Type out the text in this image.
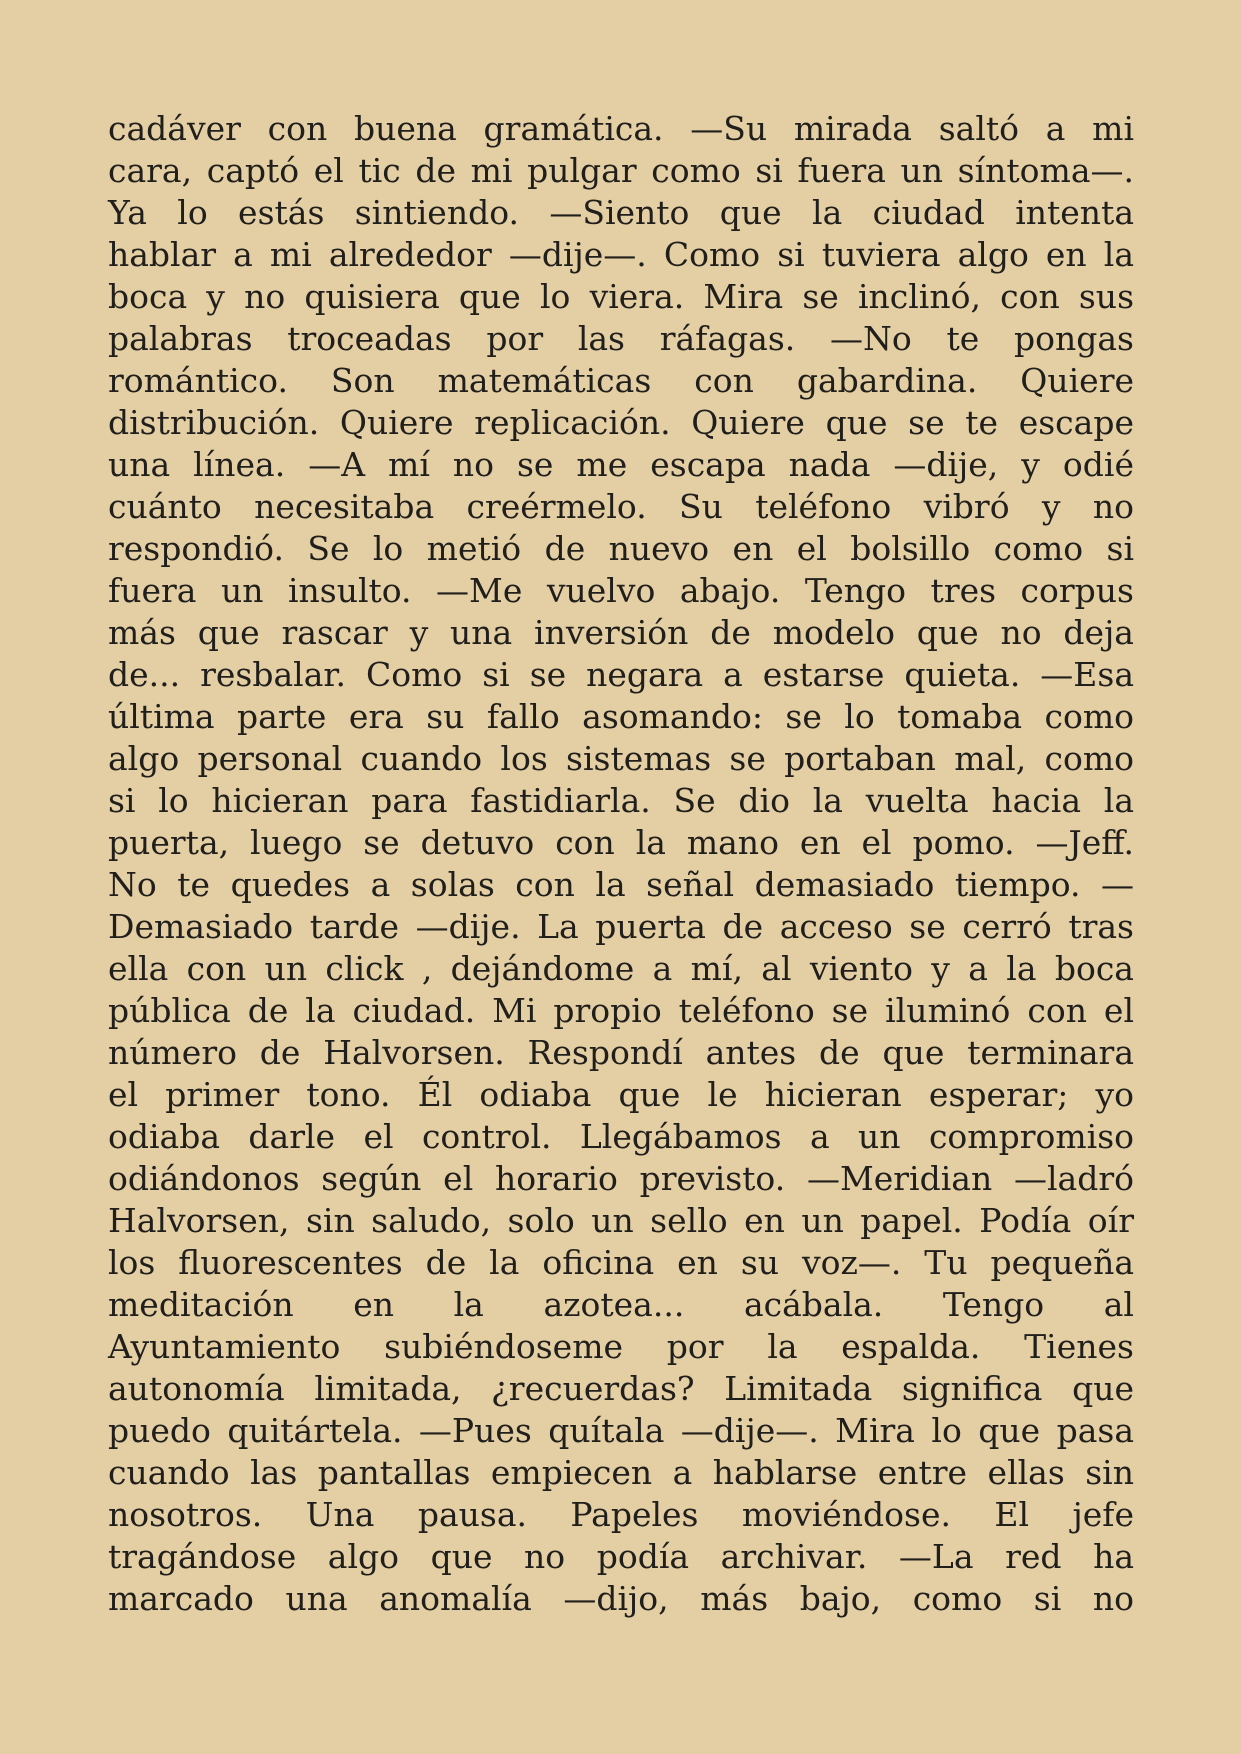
cadáver con buena gramática. —Su mirada saltó a mi
cara, captó el tic de mi pulgar como si fuera un síntoma—.
Ya lo estás sintiendo. —Siento que la ciudad intenta
hablar a mi alrededor —dije—. Como si tuviera algo en la
boca y no quisiera que lo viera. Mira se inclinó, con sus
palabras troceadas por las ráfagas. —No te pongas
romántico. Son matemáticas con gabardina. Quiere
distribución. Quiere replicación. Quiere que se te escape
una línea. —A mí no se me escapa nada —dije, y odié
cuánto necesitaba creérmelo. Su teléfono vibró y no
respondió. Se lo metió de nuevo en el bolsillo como si
fuera un insulto. —Me vuelvo abajo. Tengo tres corpus
más que rascar y una inversión de modelo que no deja
de... resbalar. Como si se negara a estarse quieta. —Esa
última parte era su fallo asomando: se lo tomaba como
algo personal cuando los sistemas se portaban mal, como
si lo hicieran para fastidiarla. Se dio la vuelta hacia la
puerta, luego se detuvo con la mano en el pomo. —Jeff.
No te quedes a solas con la señal demasiado tiempo. —
Demasiado tarde —dije. La puerta de acceso se cerró tras
ella con un click , dejándome a mí, al viento y a la boca
pública de la ciudad. Mi propio teléfono se iluminó con el
número de Halvorsen. Respondí antes de que terminara
el primer tono. Él odiaba que le hicieran esperar; yo
odiaba darle el control. Llegábamos a un compromiso
odiándonos según el horario previsto. —Meridian —ladró
Halvorsen, sin saludo, solo un sello en un papel. Podía oír
los fluorescentes de la oficina en su voz—. Tu pequeña
meditación en la azotea... acábala. Tengo al
Ayuntamiento subiéndoseme por la espalda. Tienes
autonomía limitada, ¿recuerdas? Limitada significa que
puedo quitártela. —Pues quítala —dije—. Mira lo que pasa
cuando las pantallas empiecen a hablarse entre ellas sin
nosotros. Una pausa. Papeles moviéndose. El jefe
tragándose algo que no podía archivar. —La red ha
marcado una anomalía —dijo, más bajo, como si no
